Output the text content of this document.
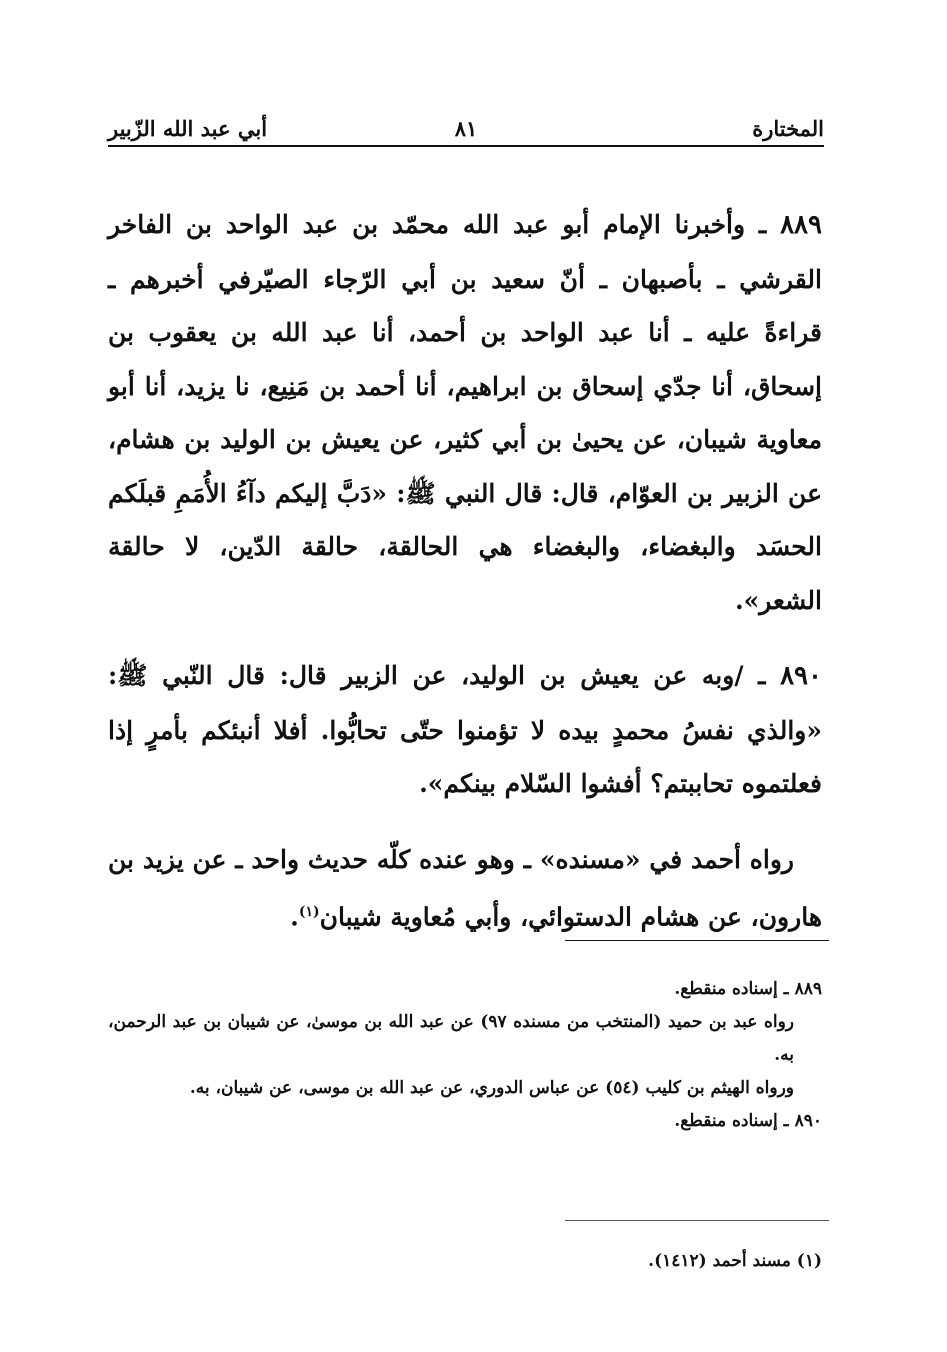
المختارة
٨١
أبي عبد الله الزّبير

٨٨٩ ـ وأخبرنا الإمام أبو عبد الله محمّد بن عبد الواحد بن الفاخر القرشي ـ بأصبهان ـ أنّ سعيد بن أبي الرّجاء الصيّرفي أخبرهم ـ قراءةً عليه ـ أنا عبد الواحد بن أحمد، أنا عبد الله بن يعقوب بن إسحاق، أنا جدّي إسحاق بن ابراهيم، أنا أحمد بن مَنِيع، نا يزيد، أنا أبو معاوية شيبان، عن يحيىٰ بن أبي كثير، عن يعيش بن الوليد بن هشام، عن الزبير بن العوّام، قال: قال النبي ﷺ: «دَبَّ إليكم دآءُ الأُمَمِ قبلَكم الحسَد والبغضاء، والبغضاء هي الحالقة، حالقة الدّين، لا حالقة الشعر».

٨٩٠ ـ /وبه عن يعيش بن الوليد، عن الزبير قال: قال النّبي ﷺ: «والذي نفسُ محمدٍ بيده لا تؤمنوا حتّى تحابُّوا. أفلا أنبئكم بأمرٍ إذا فعلتموه تحاببتم؟ أفشوا السّلام بينكم».

رواه أحمد في «مسنده» ـ وهو عنده كلّه حديث واحد ـ عن يزيد بن هارون، عن هشام الدستوائي، وأبي مُعاوية شيبان$^{(١)}$.

٨٨٩ ـ إسناده منقطع.

رواه عبد بن حميد (المنتخب من مسنده ٩٧) عن عبد الله بن موسىٰ، عن شيبان بن عبد الرحمن، به.

ورواه الهيثم بن كليب (٥٤) عن عباس الدوري، عن عبد الله بن موسى، عن شيبان، به.

٨٩٠ ـ إسناده منقطع.

(١) مسند أحمد (١٤١٢).
